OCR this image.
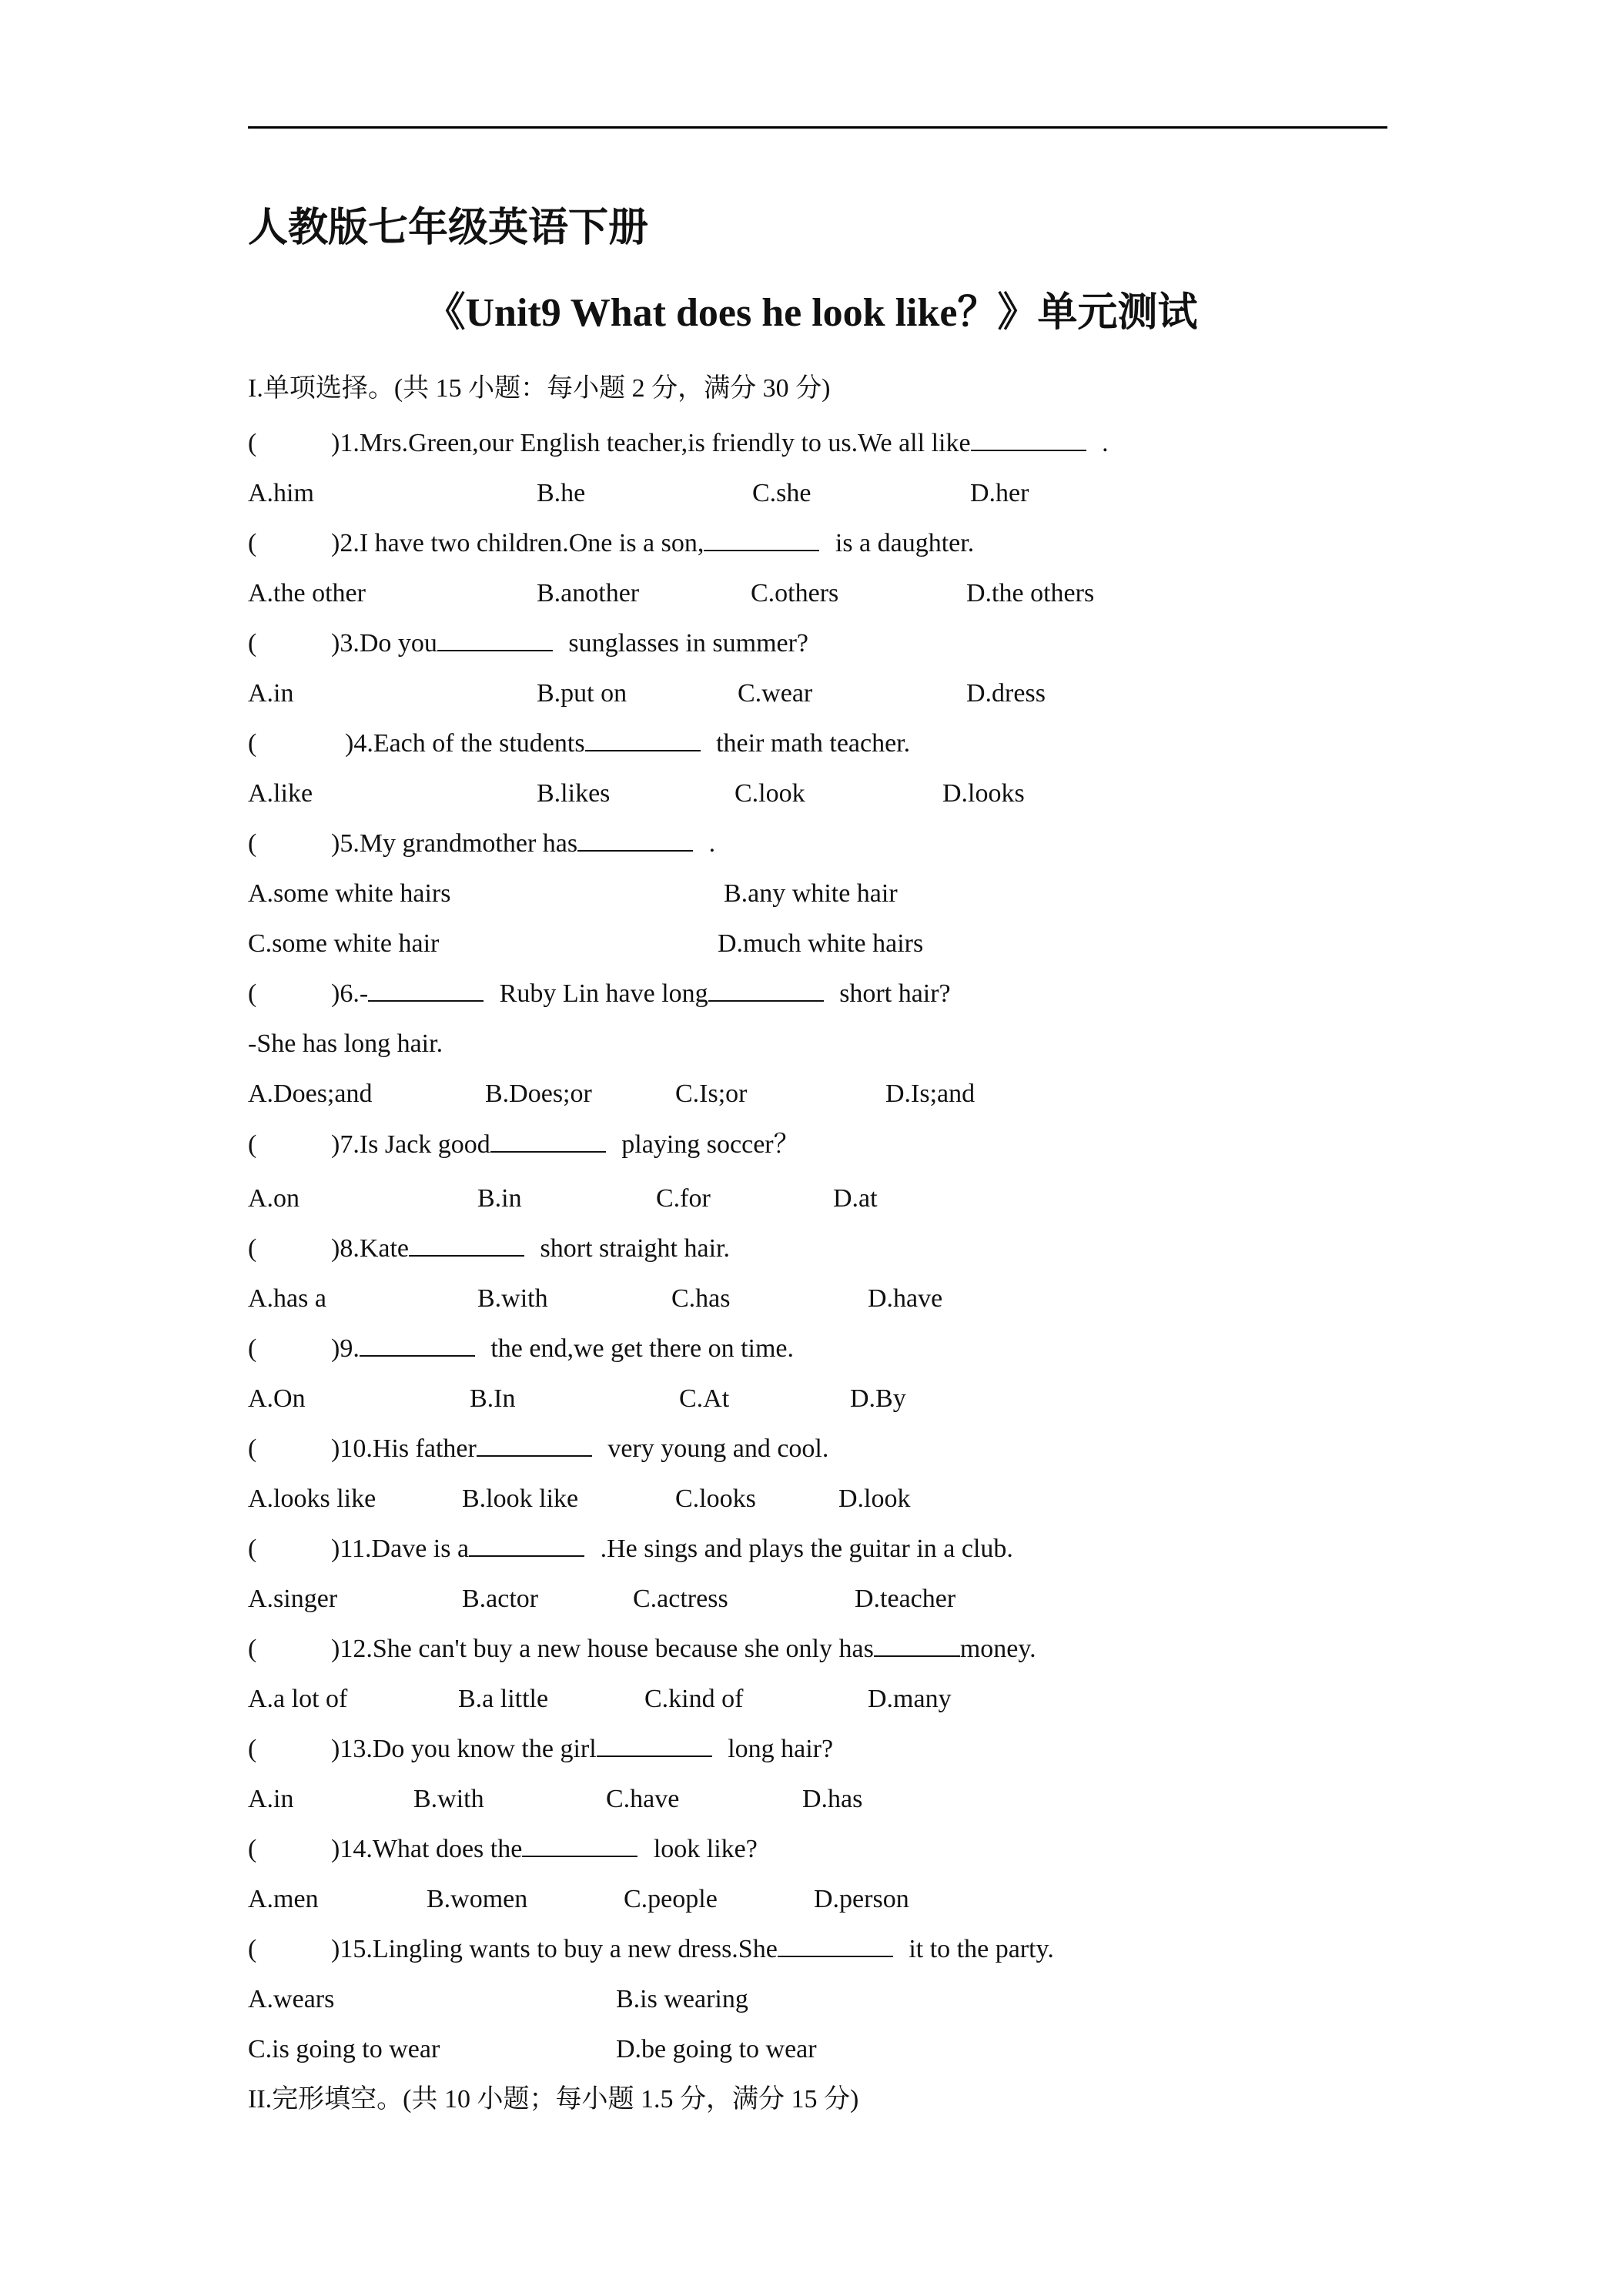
人教版七年级英语下册
《Unit9 What does he look like？》单元测试
I.单项选择。(共 15 小题：每小题 2 分，满分 30 分)
(	)1.Mrs.Green,our English teacher,is friendly to us.We all like	.
A.him	B.he	C.she	D.her
(	)2.I have two children.One is a son,	is a daughter.
A.the other	B.another	C.others	D.the others
(	)3.Do you	sunglasses in summer?
A.in	B.put on	C.wear	D.dress
(	)4.Each of the students	their math teacher.
A.like	B.likes	C.look	D.looks
(	)5.My grandmother has	.
A.some white hairs	B.any white hair
C.some white hair	D.much white hairs
(	)6.-	Ruby Lin have long	short hair?
-She has long hair.
A.Does;and	B.Does;or	C.Is;or	D.Is;and
(	)7.Is Jack good	playing soccer？
A.on	B.in	C.for	D.at
(	)8.Kate	short straight hair.
A.has a	B.with	C.has	D.have
(	)9.	the end,we get there on time.
A.On	B.In	C.At	D.By
(	)10.His father	very young and cool.
A.looks like	B.look like	C.looks	D.look
(	)11.Dave is a	.He sings and plays the guitar in a club.
A.singer	B.actor	C.actress	D.teacher
(	)12.She can't buy a new house because she only has	money.
A.a lot of	B.a little	C.kind of	D.many
(	)13.Do you know the girl	long hair?
A.in	B.with	C.have	D.has
(	)14.What does the	look like?
A.men	B.women	C.people	D.person
(	)15.Lingling wants to buy a new dress.She	it to the party.
A.wears	B.is wearing
C.is going to wear	D.be going to wear
II.完形填空。(共 10 小题；每小题 1.5 分，满分 15 分)
